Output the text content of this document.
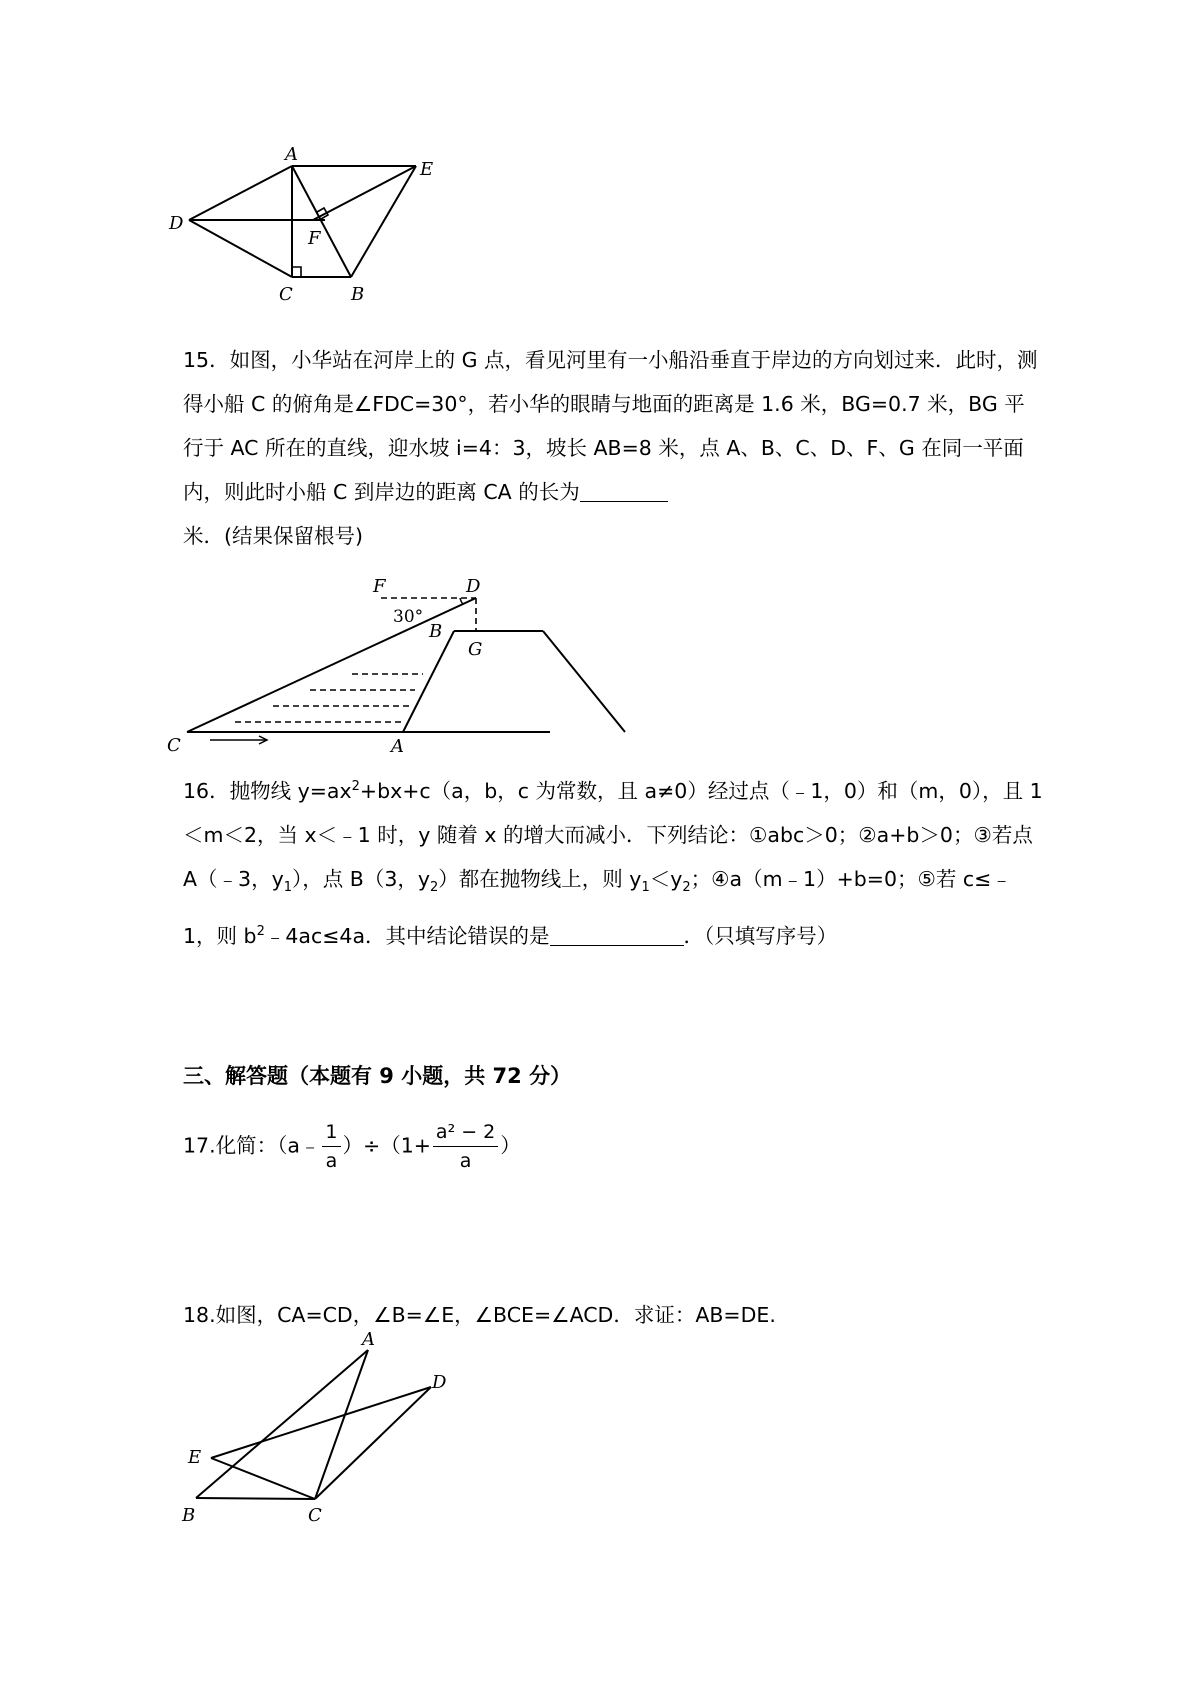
A
E
D
F
C	B

15．如图，小华站在河岸上的 G 点，看见河里有一小船沿垂直于岸边的方向划过来．此时，测得小船 C 的俯角是∠FDC=30°，若小华的眼睛与地面的距离是 1.6 米，BG=0.7 米，BG 平行于 AC 所在的直线，迎水坡 i=4：3，坡长 AB=8 米，点 A、B、C、D、F、G 在同一平面内，则此时小船 C 到岸边的距离 CA 的长为
米．(结果保留根号)

F	D
30°
B
G
C	A

16．抛物线 $y=ax^2+bx+c(a$，b，c 为常数，且 a≠0）经过点（﹣1，0）和（m，0），且 1＜m＜2，当 x＜﹣1 时，y 随着 x 的增大而减小．下列结论：①abc＞0；②a+b＞0；③若点 A（﹣3，$y_1$），点 B（3，$y_2$）都在抛物线上，则 $y_1<y_2$；④a（m﹣1）+b=0；⑤若 c≤﹣1，则 $b^2﹣4ac\le 4a$．其中结论错误的是	．（只填写序号）

三、解答题（本题有 9 小题，共 72 分）

17.化简：（a﹣ $\frac{1}{a} )\div(1+ \frac{\text{a² − 2}}{a}$ ）

18.如图，CA=CD，∠B=∠E，∠BCE=∠ACD．求证：AB=DE.

A
D
E
B	C
